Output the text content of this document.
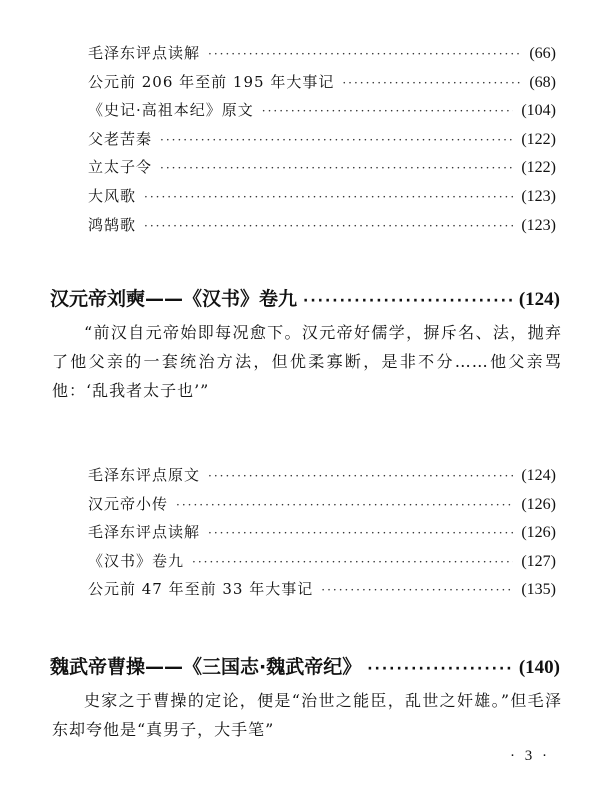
毛泽东评点读解 ·····	(66)
公元前 206 年至前 195 年大事记 ·····	(68)
《史记·高祖本纪》原文 ·····	(104)
父老苦秦 ·····	(122)
立太子令 ·····	(122)
大风歌 ·····	(123)
鸿鹄歌 ·····	(123)
汉元帝刘奭——《汉书》卷九 ·····	(124)

“前汉自元帝始即每况愈下。汉元帝好儒学，摒斥名、法，抛弃了他父亲的一套统治方法，但优柔寡断，是非不分……他父亲骂他：‘乱我者太子也’”

毛泽东评点原文 ·····	(124)
汉元帝小传 ·····	(126)
毛泽东评点读解 ·····	(126)
《汉书》卷九 ·····	(127)
公元前 47 年至前 33 年大事记 ·····	(135)
魏武帝曹操——《三国志·魏武帝纪》 ·····	(140)

史家之于曹操的定论，便是“治世之能臣，乱世之奸雄。”但毛泽东却夸他是“真男子，大手笔”

· 3 ·
